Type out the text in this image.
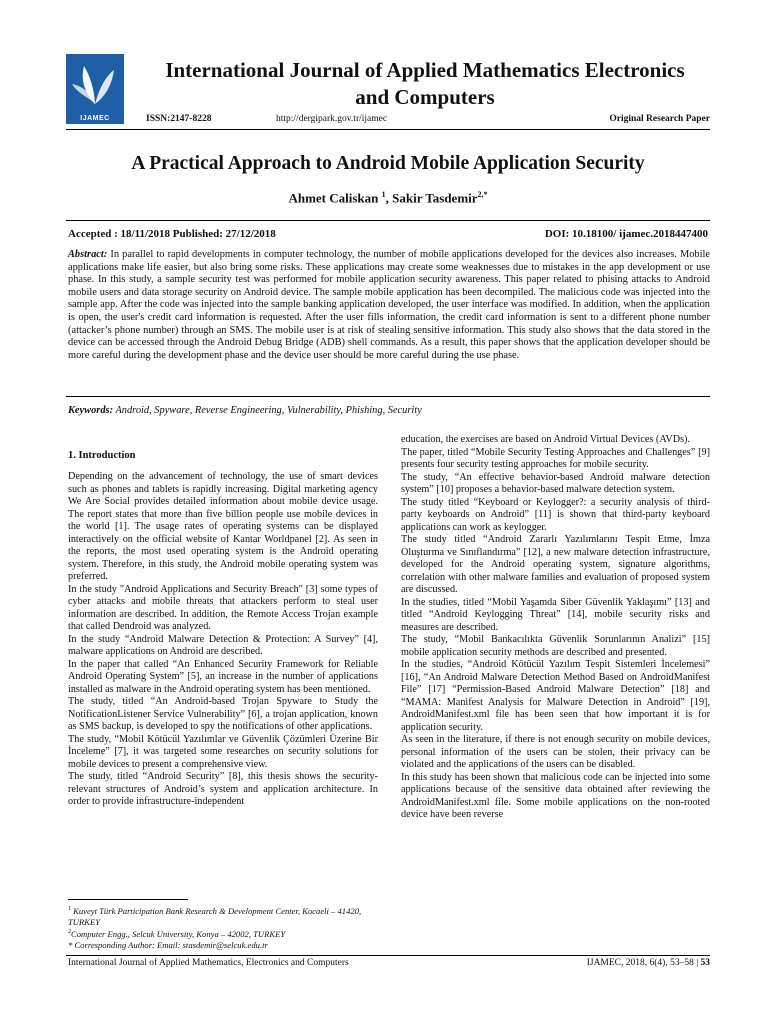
IJAMEC
International Journal of Applied Mathematics Electronics and Computers
ISSN:2147-8228	http://dergipark.gov.tr/ijamec	Original Research Paper
A Practical Approach to Android Mobile Application Security
Ahmet Caliskan $^1$, Sakir Tasdemir$^{2,*}$
Accepted : 18/11/2018 Published: 27/12/2018	DOI: 10.18100/ ijamec.2018447400
Abstract: In parallel to rapid developments in computer technology, the number of mobile applications developed for the devices also increases. Mobile applications make life easier, but also bring some risks. These applications may create some weaknesses due to mistakes in the app development or use phase. In this study, a sample security test was performed for mobile application security awareness. This paper related to phising attacks to Android mobile users and data storage security on Android device. The sample mobile application has been decompiled. The malicious code was injected into the sample app. After the code was injected into the sample banking application developed, the user interface was modified. In addition, when the application is open, the user's credit card information is requested. After the user fills information, the credit card information is sent to a different phone number (attacker’s phone number) through an SMS. The mobile user is at risk of stealing sensitive information. This study also shows that the data stored in the device can be accessed through the Android Debug Bridge (ADB) shell commands. As a result, this paper shows that the application developer should be more careful during the development phase and the device user should be more careful during the use phase.
Keywords: Android, Spyware, Reverse Engineering, Vulnerability, Phishing, Security
1. Introduction

Depending on the advancement of technology, the use of smart devices such as phones and tablets is rapidly increasing. Digital marketing agency We Are Social provides detailed information about mobile device usage. The report states that more than five billion people use mobile devices in the world [1]. The usage rates of operating systems can be displayed interactively on the official website of Kantar Worldpanel [2]. As seen in the reports, the most used operating system is the Android operating system. Therefore, in this study, the Android mobile operating system was preferred.

In the study "Android Applications and Security Breach" [3] some types of cyber attacks and mobile threats that attackers perform to steal user information are described. In addition, the Remote Access Trojan example that called Dendroid was analyzed.

In the study “Android Malware Detection & Protection: A Survey” [4], malware applications on Android are described.

In the paper that called “An Enhanced Security Framework for Reliable Android Operating System” [5], an increase in the number of applications installed as malware in the Android operating system has been mentioned.

The study, titled “An Android-based Trojan Spyware to Study the NotificationListener Service Vulnerability” [6], a trojan application, known as SMS backup, is developed to spy the notifications of other applications.

The study, “Mobil Kötücül Yazılımlar ve Güvenlik Çözümleri Üzerine Bir İnceleme” [7], it was targeted some researches on security solutions for mobile devices to present a comprehensive view.

The study, titled “Android Security” [8], this thesis shows the security-relevant structures of Android’s system and application architecture. In order to provide infrastructure-independent

education, the exercises are based on Android Virtual Devices (AVDs).

The paper, titled “Mobile Security Testing Approaches and Challenges” [9] presents four security testing approaches for mobile security.

The study, “An effective behavior-based Android malware detection system” [10] proposes a behavior-based malware detection system.

The study titled “Keyboard or Keylogger?: a security analysis of third-party keyboards on Android” [11] is shown that third-party keyboard applications can work as keylogger.

The study titled “Android Zararlı Yazılımlarını Tespit Etme, İmza Oluşturma ve Sınıflandırma” [12], a new malware detection infrastructure, developed for the Android operating system, signature algorithms, correlation with other malware families and evaluation of proposed system are discussed.

In the studies, titled “Mobil Yaşamda Siber Güvenlik Yaklaşımı” [13] and titled “Android Keylogging Threat” [14], mobile security risks and measures are described.

The study, “Mobil Bankacılıkta Güvenlik Sorunlarının Analizi” [15] mobile application security methods are described and presented.

In the studies, “Android Kötücül Yazılım Tespit Sistemleri İncelemesi” [16], “An Android Malware Detection Method Based on AndroidManifest File” [17] “Permission-Based Android Malware Detection” [18] and “MAMA: Manifest Analysis for Malware Detection in Android” [19], AndroidManifest.xml file has been seen that how important it is for application security.

As seen in the literature, if there is not enough security on mobile devices, personal information of the users can be stolen, their privacy can be violated and the applications of the users can be disabled.

In this study has been shown that malicious code can be injected into some applications because of the sensitive data obtained after reviewing the AndroidManifest.xml file. Some mobile applications on the non-rooted device have been reverse

$^1$ Kuveyt Türk Participation Bank Research & Development Center, Kocaeli – 41420, TURKEY
$^2$Computer Engg., Selcuk University, Konya – 42002, TURKEY
* Corresponding Author: Email: stasdemir@selcuk.edu.tr
International Journal of Applied Mathematics, Electronics and Computers	IJAMEC, 2018, 6(4), 53–58 | 53
